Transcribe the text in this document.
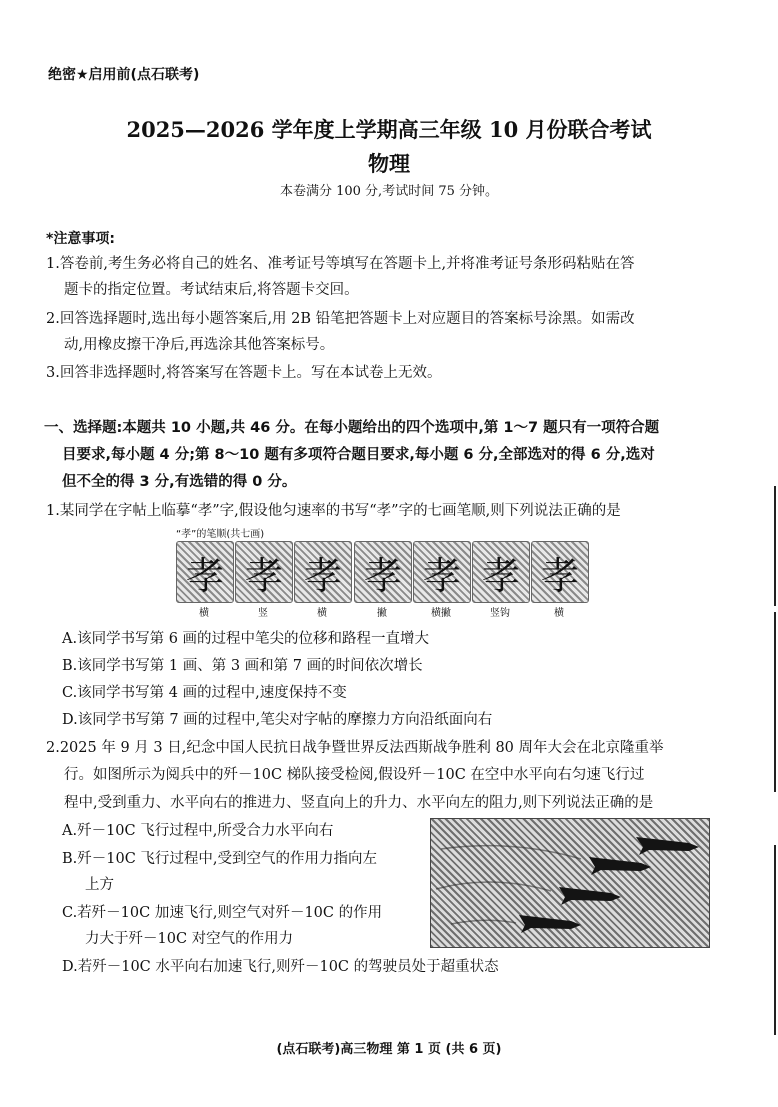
绝密★启用前(点石联考)
2025—2026 学年度上学期高三年级 10 月份联合考试
物理
本卷满分 100 分,考试时间 75 分钟。
*注意事项:
1.答卷前,考生务必将自己的姓名、准考证号等填写在答题卡上,并将准考证号条形码粘贴在答
题卡的指定位置。考试结束后,将答题卡交回。
2.回答选择题时,选出每小题答案后,用 2B 铅笔把答题卡上对应题目的答案标号涂黑。如需改
动,用橡皮擦干净后,再选涂其他答案标号。
3.回答非选择题时,将答案写在答题卡上。写在本试卷上无效。
一、选择题:本题共 10 小题,共 46 分。在每小题给出的四个选项中,第 1～7 题只有一项符合题
目要求,每小题 4 分;第 8～10 题有多项符合题目要求,每小题 6 分,全部选对的得 6 分,选对
但不全的得 3 分,有选错的得 0 分。
1.某同学在字帖上临摹“孝”字,假设他匀速率的书写“孝”字的七画笔顺,则下列说法正确的是
“孝”的笔顺(共七画)
孝 孝 孝 孝 孝 孝 孝
横	竖	横	撇	横撇	竖钩	横
A.该同学书写第 6 画的过程中笔尖的位移和路程一直增大
B.该同学书写第 1 画、第 3 画和第 7 画的时间依次增长
C.该同学书写第 4 画的过程中,速度保持不变
D.该同学书写第 7 画的过程中,笔尖对字帖的摩擦力方向沿纸面向右
2.2025 年 9 月 3 日,纪念中国人民抗日战争暨世界反法西斯战争胜利 80 周年大会在北京隆重举
行。如图所示为阅兵中的歼－10C 梯队接受检阅,假设歼－10C 在空中水平向右匀速飞行过
程中,受到重力、水平向右的推进力、竖直向上的升力、水平向左的阻力,则下列说法正确的是
A.歼－10C 飞行过程中,所受合力水平向右
B.歼－10C 飞行过程中,受到空气的作用力指向左
上方
C.若歼－10C 加速飞行,则空气对歼－10C 的作用
力大于歼－10C 对空气的作用力
D.若歼－10C 水平向右加速飞行,则歼－10C 的驾驶员处于超重状态
(点石联考)高三物理 第 1 页 (共 6 页)
